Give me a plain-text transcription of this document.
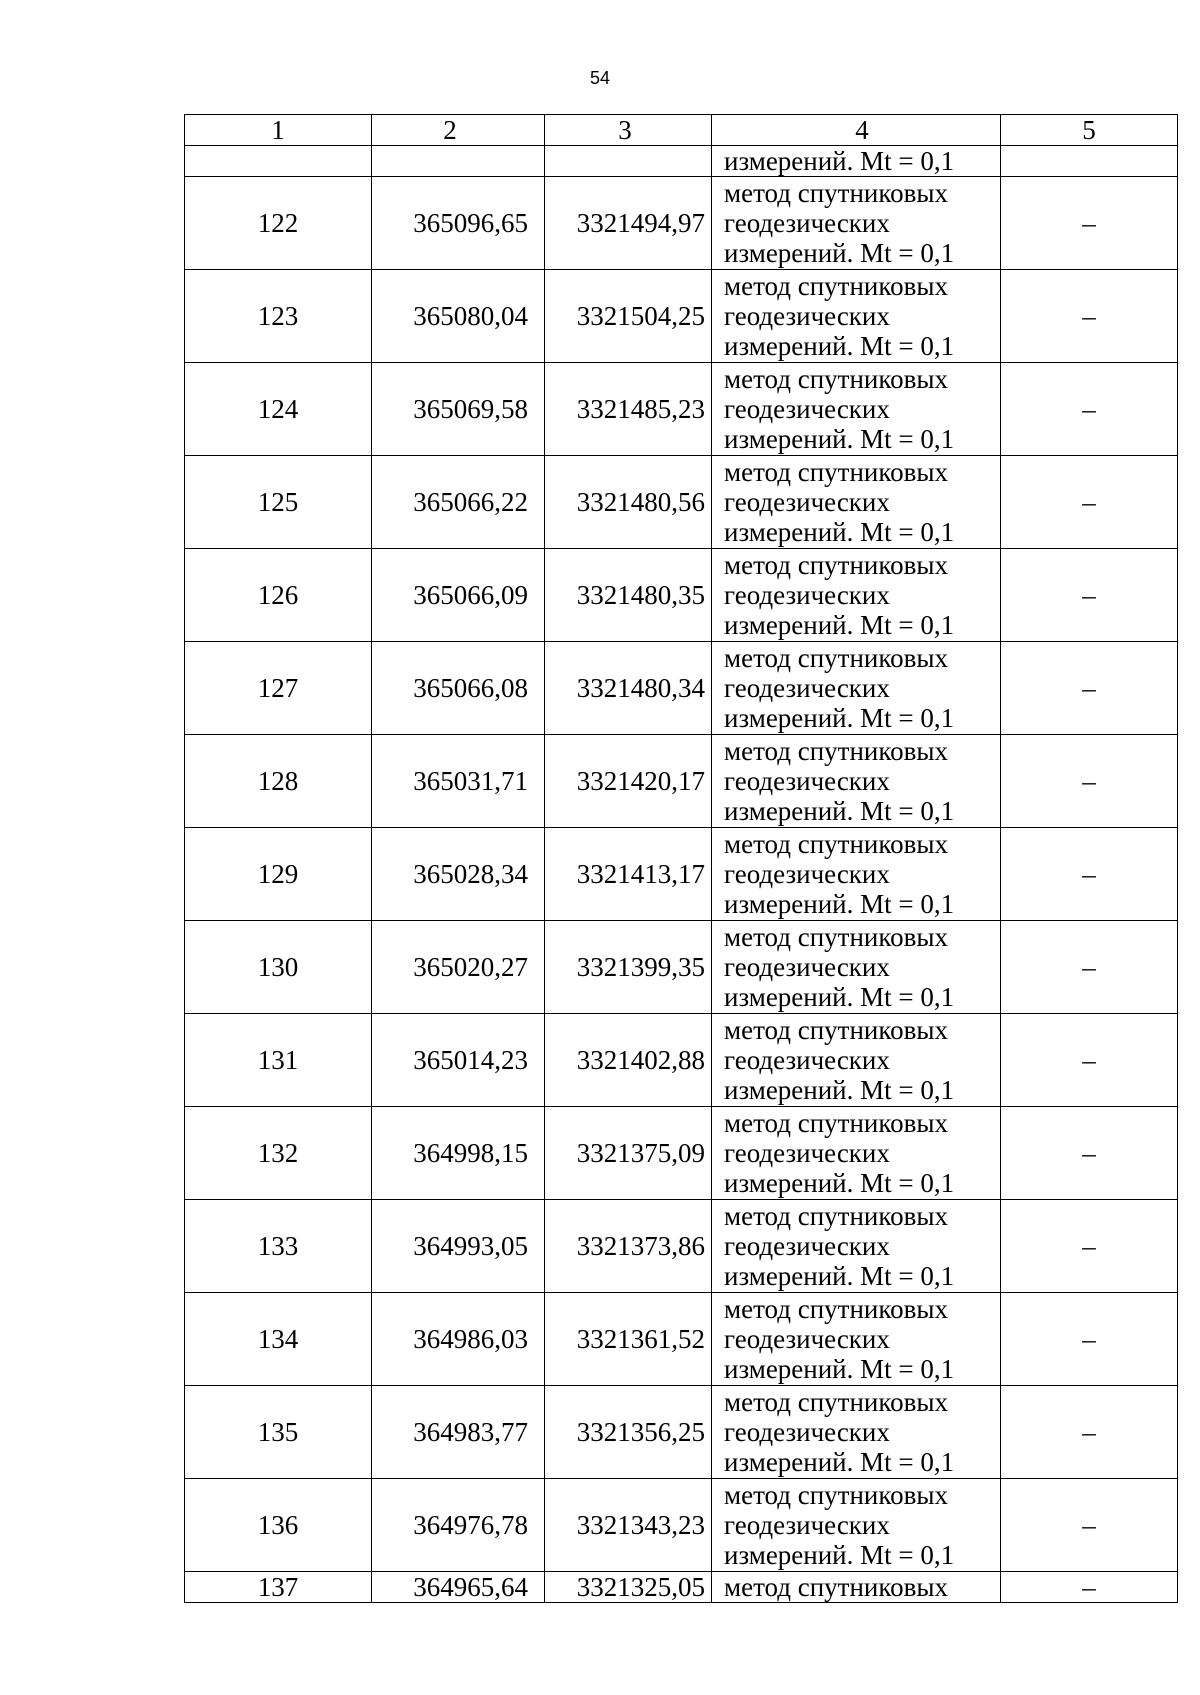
54
1	2	3	4	5
			измерений. Mt = 0,1	
122	365096,65	3321494,97	метод спутниковых
геодезических
измерений. Mt = 0,1	–
123	365080,04	3321504,25	метод спутниковых
геодезических
измерений. Mt = 0,1	–
124	365069,58	3321485,23	метод спутниковых
геодезических
измерений. Mt = 0,1	–
125	365066,22	3321480,56	метод спутниковых
геодезических
измерений. Mt = 0,1	–
126	365066,09	3321480,35	метод спутниковых
геодезических
измерений. Mt = 0,1	–
127	365066,08	3321480,34	метод спутниковых
геодезических
измерений. Mt = 0,1	–
128	365031,71	3321420,17	метод спутниковых
геодезических
измерений. Mt = 0,1	–
129	365028,34	3321413,17	метод спутниковых
геодезических
измерений. Mt = 0,1	–
130	365020,27	3321399,35	метод спутниковых
геодезических
измерений. Mt = 0,1	–
131	365014,23	3321402,88	метод спутниковых
геодезических
измерений. Mt = 0,1	–
132	364998,15	3321375,09	метод спутниковых
геодезических
измерений. Mt = 0,1	–
133	364993,05	3321373,86	метод спутниковых
геодезических
измерений. Mt = 0,1	–
134	364986,03	3321361,52	метод спутниковых
геодезических
измерений. Mt = 0,1	–
135	364983,77	3321356,25	метод спутниковых
геодезических
измерений. Mt = 0,1	–
136	364976,78	3321343,23	метод спутниковых
геодезических
измерений. Mt = 0,1	–
137	364965,64	3321325,05	метод спутниковых	–
